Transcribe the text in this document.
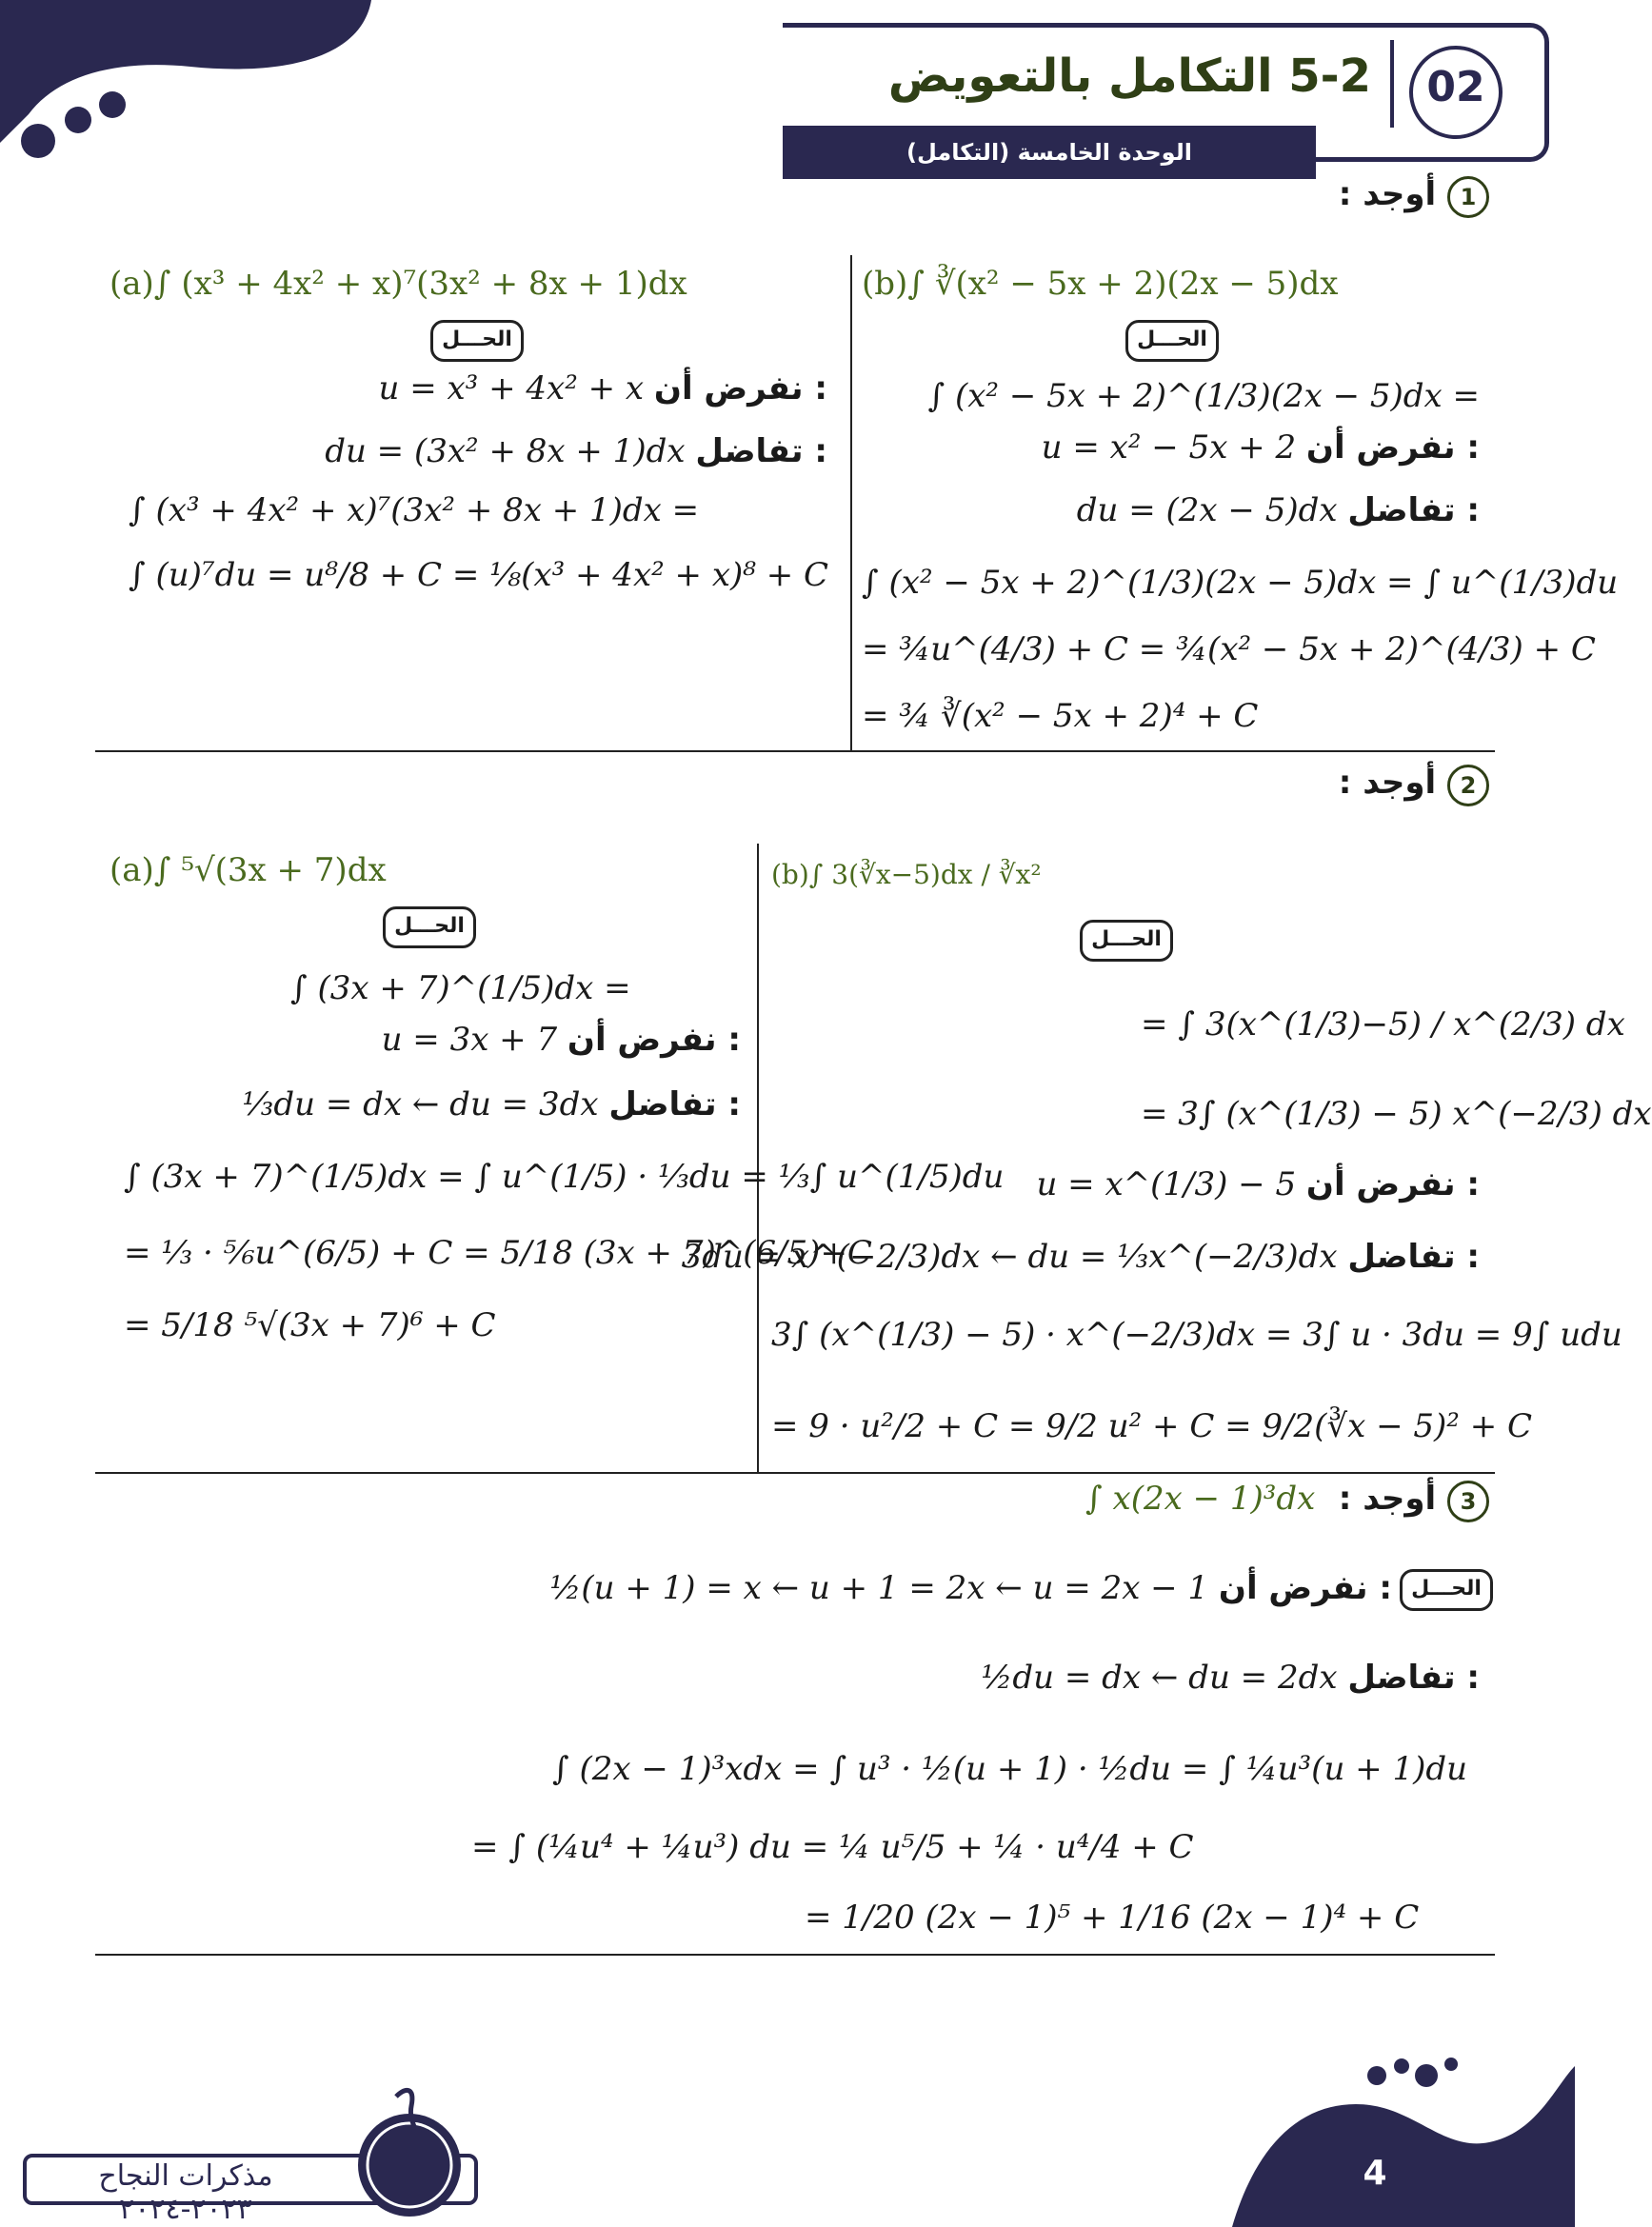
02
5-2 التكامل بالتعويض
الوحدة الخامسة (التكامل)
1 أوجد :
(a)∫ (x³ + 4x² + x)⁷(3x² + 8x + 1)dx
الحـــل
u = x³ + 4x² + x نفرض أن :
du = (3x² + 8x + 1)dx تفاضل :
∫ (x³ + 4x² + x)⁷(3x² + 8x + 1)dx =
∫ (u)⁷du = u⁸/8 + C = ⅛(x³ + 4x² + x)⁸ + C
(b)∫ ∛(x² − 5x + 2)(2x − 5)dx
الحـــل
∫ (x² − 5x + 2)^(1/3)(2x − 5)dx =
u = x² − 5x + 2 نفرض أن :
du = (2x − 5)dx تفاضل :
∫ (x² − 5x + 2)^(1/3)(2x − 5)dx = ∫ u^(1/3)du
= ¾u^(4/3) + C = ¾(x² − 5x + 2)^(4/3) + C
= ¾ ∛(x² − 5x + 2)⁴ + C
2 أوجد :
(a)∫ ⁵√(3x + 7)dx
الحـــل
∫ (3x + 7)^(1/5)dx =
u = 3x + 7 نفرض أن :
⅓du = dx ← du = 3dx تفاضل :
∫ (3x + 7)^(1/5)dx = ∫ u^(1/5) · ⅓du = ⅓∫ u^(1/5)du
= ⅓ · ⅚u^(6/5) + C = 5/18 (3x + 7)^(6/5)+C
= 5/18 ⁵√(3x + 7)⁶ + C
(b)∫ 3(∛x−5)dx / ∛x²
الحـــل
= ∫ 3(x^(1/3)−5) / x^(2/3) dx
= 3∫ (x^(1/3) − 5) x^(−2/3) dx
u = x^(1/3) − 5 نفرض أن :
3du = x^(−2/3)dx ← du = ⅓x^(−2/3)dx تفاضل :
3∫ (x^(1/3) − 5) · x^(−2/3)dx = 3∫ u · 3du = 9∫ udu
= 9 · u²/2 + C = 9/2 u² + C = 9/2(∛x − 5)² + C
3 أوجد :
∫ x(2x − 1)³dx
الحـــل
½(u + 1) = x ← u + 1 = 2x ← u = 2x − 1 نفرض أن :
½du = dx ← du = 2dx تفاضل :
∫ (2x − 1)³xdx = ∫ u³ · ½(u + 1) · ½du = ∫ ¼u³(u + 1)du
= ∫ (¼u⁴ + ¼u³) du = ¼ u⁵/5 + ¼ · u⁴/4 + C
= 1/20 (2x − 1)⁵ + 1/16 (2x − 1)⁴ + C
مذكرات النجاح ٢٠٢٣-٢٠٢٤
4
